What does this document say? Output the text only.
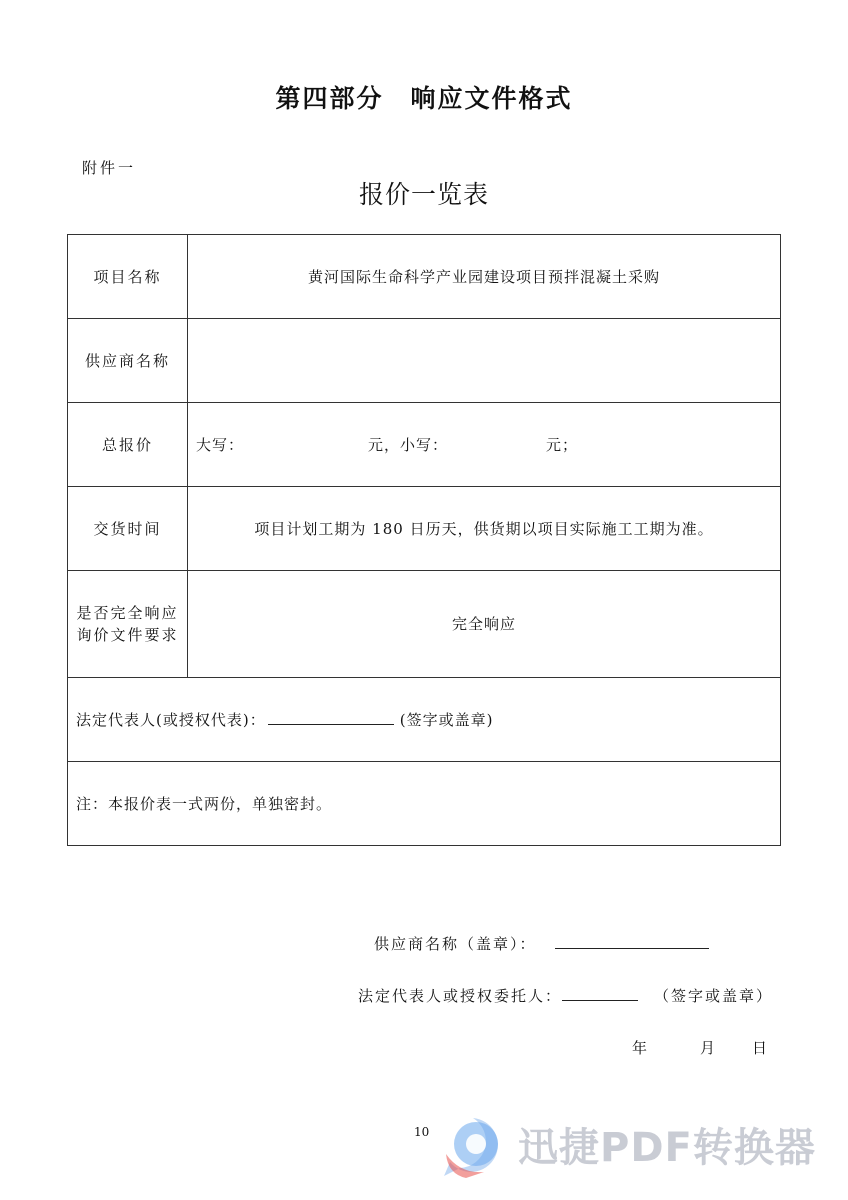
第四部分　响应文件格式
附件一
报价一览表
项目名称	黄河国际生命科学产业园建设项目预拌混凝土采购
供应商名称	
总报价	大写： 元，小写： 元；

交货时间	项目计划工期为 180 日历天，供货期以项目实际施工工期为准。

是否完全响应
询价文件要求	完全响应
法定代表人(或授权代表)： (签字或盖章)	
注：本报价表一式两份，单独密封。	
供应商名称（盖章）：
法定代表人或授权委托人：	（签字或盖章）
年	月 日
10 迅捷PDF转换器
